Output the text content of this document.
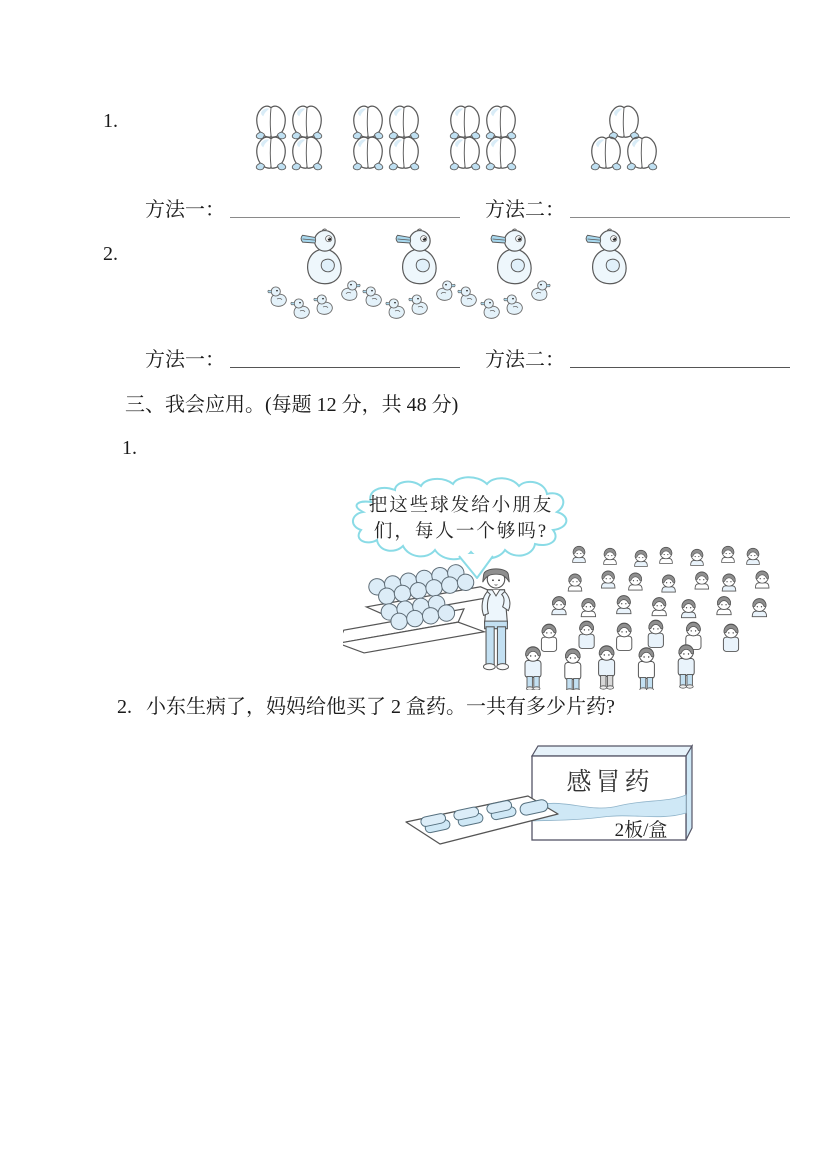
1.
方法一：	方法二：
2.
方法一：	方法二：
三、我会应用。(每题 12 分，共 48 分)
1.
把这些球发给小朋友
们，每人一个够吗?
2. 小东生病了，妈妈给他买了 2 盒药。一共有多少片药?
感冒药
2板/盒
